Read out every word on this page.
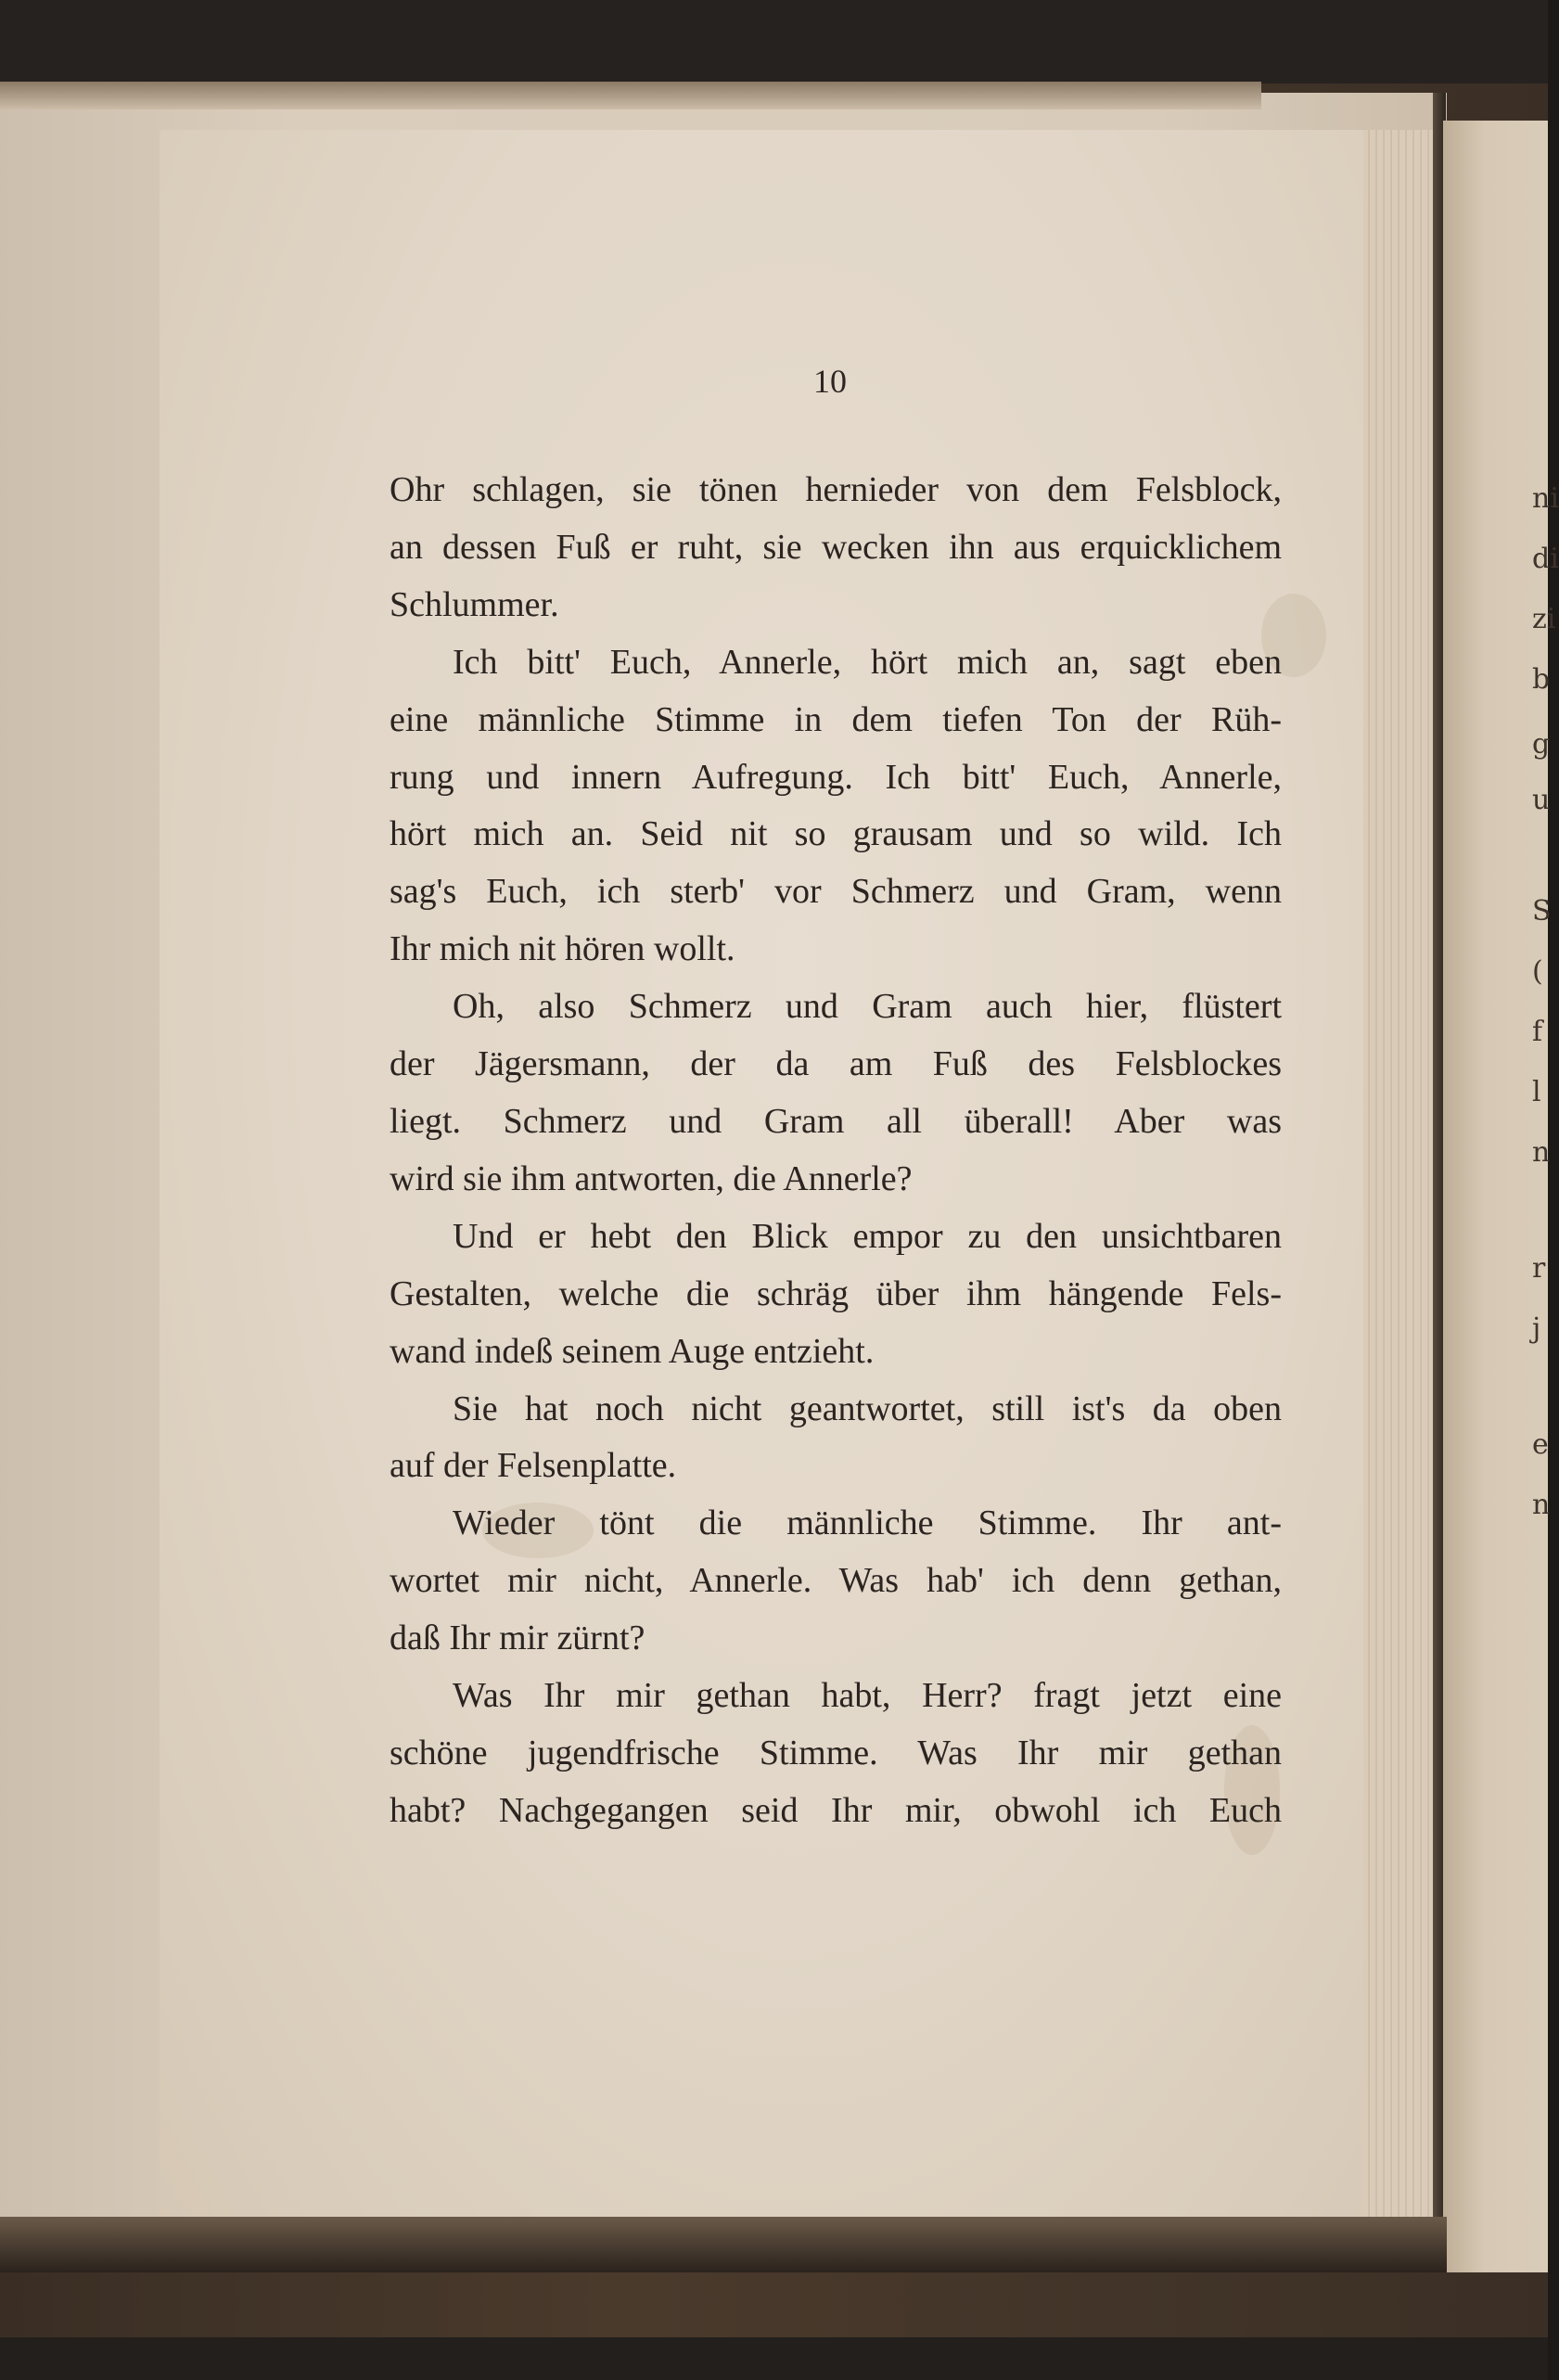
10
Ohr schlagen, sie tönen hernieder von dem Felsblock,
an dessen Fuß er ruht, sie wecken ihn aus erquicklichem
Schlummer.
Ich bitt' Euch, Annerle, hört mich an, sagt eben
eine männliche Stimme in dem tiefen Ton der Rüh-
rung und innern Aufregung. Ich bitt' Euch, Annerle,
hört mich an. Seid nit so grausam und so wild. Ich
sag's Euch, ich sterb' vor Schmerz und Gram, wenn
Ihr mich nit hören wollt.
Oh, also Schmerz und Gram auch hier, flüstert
der Jägersmann, der da am Fuß des Felsblockes
liegt. Schmerz und Gram all überall! Aber was
wird sie ihm antworten, die Annerle?
Und er hebt den Blick empor zu den unsichtbaren
Gestalten, welche die schräg über ihm hängende Fels-
wand indeß seinem Auge entzieht.
Sie hat noch nicht geantwortet, still ist's da oben
auf der Felsenplatte.
Wieder tönt die männliche Stimme. Ihr ant-
wortet mir nicht, Annerle. Was hab' ich denn gethan,
daß Ihr mir zürnt?
Was Ihr mir gethan habt, Herr? fragt jetzt eine
schöne jugendfrische Stimme. Was Ihr mir gethan
habt? Nachgegangen seid Ihr mir, obwohl ich Euch
ni
di
zi
b
g
u
S
(
f
l
n
r
j
e
n
